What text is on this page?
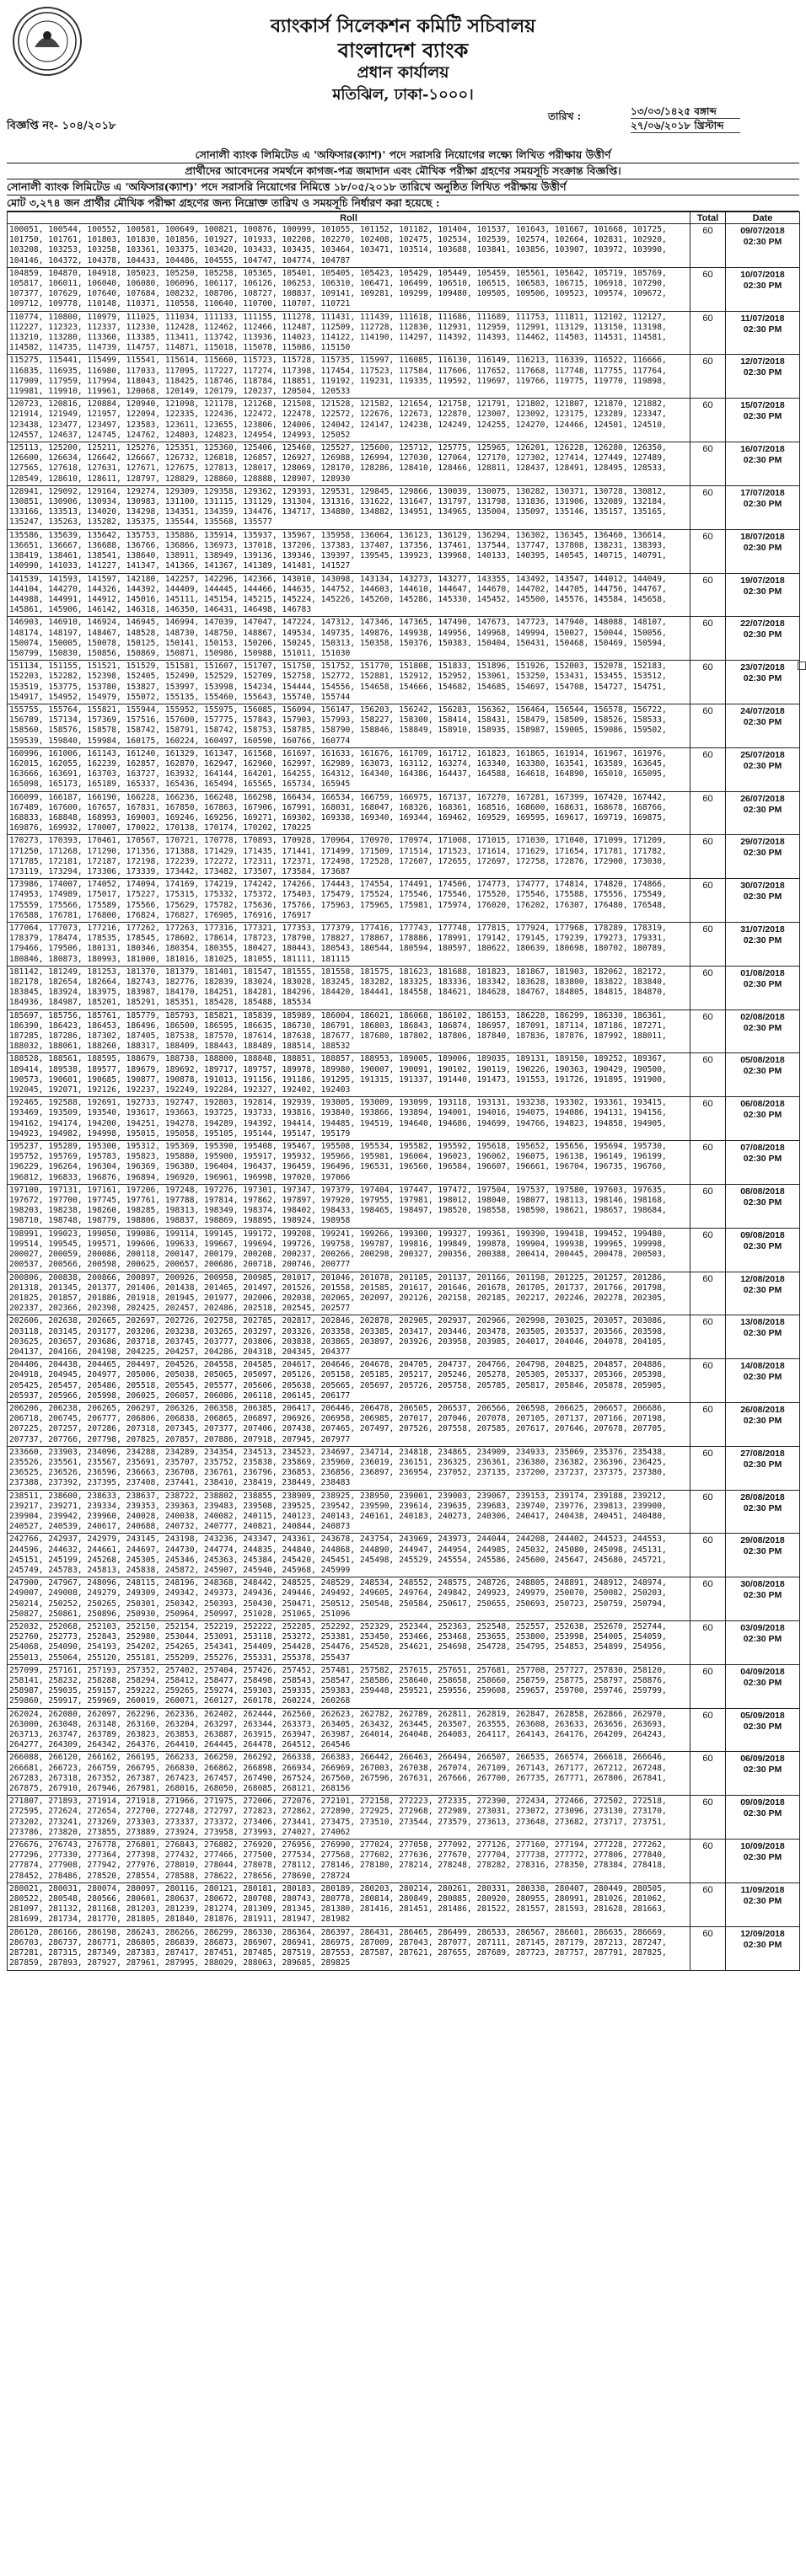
ব্যাংকার্স সিলেকশন কমিটি সচিবালয়
বাংলাদেশ ব্যাংক
প্রধান কার্যালয়
মতিঝিল, ঢাকা-১০০০।
বিজ্ঞপ্তি নং- ১০৪/২০১৮
তারিখ :	১৩/০৩/১৪২৫ বঙ্গাব্দ
২৭/০৬/২০১৮ খ্রিস্টাব্দ
সোনালী ব্যাংক লিমিটেড এ 'অফিসার(ক্যাশ)' পদে সরাসরি নিয়োগের লক্ষ্যে লিখিত পরীক্ষায় উত্তীর্ণ
প্রার্থীদের আবেদনের সমর্থনে কাগজ-পত্র জমাদান এবং মৌখিক পরীক্ষা গ্রহণের সময়সূচি সংক্রান্ত বিজ্ঞপ্তি।
সোনালী ব্যাংক লিমিটেড এ 'অফিসার(ক্যাশ)' পদে সরাসরি নিয়োগের নিমিত্তে ১৮/০৫/২০১৮ তারিখে অনুষ্ঠিত লিখিত পরীক্ষায় উত্তীর্ণ
মোট ৩,২৭৪ জন প্রার্থীর মৌখিক পরীক্ষা গ্রহণের জন্য নিম্নোক্ত তারিখ ও সময়সূচি নির্ধারণ করা হয়েছে :
Roll	Total	Date
100051, 100544, 100552, 100581, 100649, 100821, 100876, 100999, 101055, 101152, 101182, 101404, 101537, 101643, 101667, 101668, 101725, 101750, 101761, 101803, 101830, 101856, 101927, 101933, 102208, 102270, 102408, 102475, 102534, 102539, 102574, 102664, 102831, 102920, 103208, 103253, 103258, 103361, 103375, 103420, 103433, 103435, 103464, 103471, 103514, 103688, 103841, 103856, 103907, 103972, 103990, 104146, 104372, 104378, 104433, 104486, 104555, 104747, 104774, 104787	60	09/07/2018
02:30 PM

104859, 104870, 104918, 105023, 105250, 105258, 105365, 105401, 105405, 105423, 105429, 105449, 105459, 105561, 105642, 105719, 105769, 105817, 106011, 106040, 106080, 106096, 106117, 106126, 106253, 106310, 106471, 106499, 106510, 106515, 106583, 106715, 106918, 107290, 107377, 107629, 107640, 107684, 108232, 108706, 108727, 108837, 109141, 109281, 109299, 109480, 109505, 109506, 109523, 109574, 109672, 109712, 109778, 110148, 110371, 110558, 110640, 110700, 110707, 110721	60	10/07/2018
02:30 PM

110774, 110800, 110979, 111025, 111034, 111133, 111155, 111278, 111431, 111439, 111618, 111686, 111689, 111753, 111811, 112102, 112127, 112227, 112323, 112337, 112330, 112428, 112462, 112466, 112487, 112509, 112728, 112830, 112931, 112959, 112991, 113129, 113150, 113198, 113210, 113280, 113360, 113385, 113411, 113742, 113936, 114023, 114122, 114190, 114297, 114392, 114393, 114462, 114503, 114531, 114581, 114582, 114735, 114739, 114757, 114871, 115018, 115078, 115086, 115150	60	11/07/2018
02:30 PM

115275, 115441, 115499, 115541, 115614, 115660, 115723, 115728, 115735, 115997, 116085, 116130, 116149, 116213, 116339, 116522, 116666, 116835, 116935, 116980, 117033, 117095, 117227, 117274, 117398, 117454, 117523, 117584, 117606, 117652, 117668, 117748, 117755, 117764, 117909, 117959, 117994, 118043, 118425, 118746, 118784, 118851, 119192, 119231, 119335, 119592, 119697, 119766, 119775, 119770, 119898, 119981, 119910, 119961, 120068, 120149, 120179, 120237, 120504, 120533	60	12/07/2018
02:30 PM

120723, 120816, 120884, 120940, 121098, 121178, 121268, 121508, 121528, 121582, 121654, 121758, 121791, 121802, 121807, 121870, 121882, 121914, 121949, 121957, 122094, 122335, 122436, 122472, 122478, 122572, 122676, 122673, 122870, 123007, 123092, 123175, 123289, 123347, 123438, 123477, 123497, 123583, 123611, 123655, 123806, 124006, 124042, 124147, 124238, 124249, 124255, 124270, 124466, 124501, 124510, 124557, 124637, 124745, 124762, 124803, 124823, 124954, 124993, 125052	60	15/07/2018
02:30 PM

125113, 125200, 125211, 125276, 125351, 125360, 125406, 125460, 125527, 125600, 125712, 125775, 125965, 126201, 126228, 126280, 126350, 126600, 126634, 126642, 126667, 126732, 126818, 126857, 126927, 126988, 126994, 127030, 127064, 127170, 127302, 127414, 127449, 127489, 127565, 127618, 127631, 127671, 127675, 127813, 128017, 128069, 128170, 128286, 128410, 128466, 128811, 128437, 128491, 128495, 128533, 128549, 128610, 128611, 128797, 128829, 128860, 128888, 128907, 128930	60	16/07/2018
02:30 PM

128941, 129092, 129164, 129274, 129309, 129358, 129362, 129393, 129531, 129845, 129866, 130039, 130075, 130282, 130371, 130728, 130812, 130851, 130906, 130934, 130983, 131100, 131115, 131129, 131304, 131316, 131622, 131647, 131797, 131798, 131836, 131906, 132089, 132184, 133166, 133513, 134020, 134298, 134351, 134359, 134476, 134717, 134880, 134882, 134951, 134965, 135004, 135097, 135146, 135157, 135165, 135247, 135263, 135282, 135375, 135544, 135568, 135577	60	17/07/2018
02:30 PM

135586, 135639, 135642, 135753, 135886, 135914, 135937, 135967, 135958, 136064, 136123, 136129, 136294, 136302, 136345, 136460, 136614, 136651, 136667, 136688, 136766, 136866, 136973, 137018, 137206, 137383, 137407, 137356, 137461, 137544, 137747, 137808, 138231, 138393, 138419, 138461, 138541, 138640, 138911, 138949, 139136, 139346, 139397, 139545, 139923, 139968, 140133, 140395, 140545, 140715, 140791, 140990, 141033, 141227, 141347, 141366, 141367, 141389, 141481, 141527	60	18/07/2018
02:30 PM

141539, 141593, 141597, 142180, 142257, 142296, 142366, 143010, 143098, 143134, 143273, 143277, 143355, 143492, 143547, 144012, 144049, 144104, 144270, 144326, 144392, 144409, 144445, 144466, 144635, 144752, 144603, 144610, 144647, 144670, 144702, 144705, 144756, 144767, 144988, 144991, 144912, 145016, 145111, 145154, 145215, 145224, 145226, 145260, 145286, 145330, 145452, 145500, 145576, 145584, 145658, 145861, 145906, 146142, 146318, 146350, 146431, 146498, 146783	60	19/07/2018
02:30 PM

146903, 146910, 146924, 146945, 146994, 147039, 147047, 147224, 147312, 147346, 147365, 147490, 147673, 147723, 147940, 148088, 148107, 148174, 148197, 148467, 148528, 148730, 148750, 148867, 149534, 149735, 149876, 149938, 149956, 149968, 149994, 150027, 150044, 150056, 150074, 150005, 150078, 150125, 150141, 150153, 150206, 150245, 150313, 150358, 150376, 150383, 150404, 150431, 150468, 150469, 150594, 150799, 150830, 150856, 150869, 150871, 150986, 150988, 151011, 151030	60	22/07/2018
02:30 PM

151134, 151155, 151521, 151529, 151581, 151607, 151707, 151750, 151752, 151770, 151808, 151833, 151896, 151926, 152003, 152078, 152183, 152203, 152282, 152398, 152405, 152490, 152529, 152709, 152758, 152772, 152881, 152912, 152952, 153061, 153250, 153431, 153455, 153512, 153519, 153775, 153780, 153827, 153997, 153998, 154234, 154444, 154556, 154658, 154666, 154682, 154685, 154697, 154708, 154727, 154751, 154917, 154952, 154979, 155072, 155135, 155460, 155643, 155740, 155744	60	23/07/2018
02:30 PM

155755, 155764, 155821, 155944, 155952, 155975, 156085, 156094, 156147, 156203, 156242, 156283, 156362, 156464, 156544, 156578, 156722, 156789, 157134, 157369, 157516, 157600, 157775, 157843, 157903, 157993, 158227, 158300, 158414, 158431, 158479, 158509, 158526, 158533, 158560, 158576, 158578, 158742, 158791, 158742, 158753, 158785, 158790, 158846, 158849, 158910, 158935, 158987, 159005, 159086, 159502, 159539, 159840, 159984, 160175, 160224, 160497, 160590, 160766, 160774	60	24/07/2018
02:30 PM

160996, 161006, 161143, 161240, 161329, 161347, 161568, 161697, 161633, 161676, 161709, 161712, 161823, 161865, 161914, 161967, 161976, 162015, 162055, 162239, 162857, 162870, 162947, 162960, 162997, 162989, 163073, 163112, 163274, 163340, 163380, 163541, 163589, 163645, 163666, 163691, 163703, 163727, 163932, 164144, 164201, 164255, 164312, 164340, 164386, 164437, 164588, 164618, 164890, 165010, 165095, 165098, 165173, 165189, 165337, 165436, 165494, 165565, 165734, 165945	60	25/07/2018
02:30 PM

166099, 166187, 166190, 166228, 166236, 166248, 166298, 166434, 166534, 166759, 166975, 167137, 167270, 167281, 167399, 167420, 167442, 167489, 167600, 167657, 167831, 167850, 167863, 167906, 167991, 168031, 168047, 168326, 168361, 168516, 168600, 168631, 168678, 168766, 168833, 168848, 168993, 169003, 169246, 169256, 169271, 169302, 169338, 169340, 169344, 169462, 169529, 169595, 169617, 169719, 169875, 169876, 169932, 170007, 170022, 170138, 170174, 170202, 170225	60	26/07/2018
02:30 PM

170273, 170393, 170461, 170567, 170721, 170778, 170893, 170928, 170964, 170970, 170974, 171008, 171015, 171030, 171040, 171099, 171209, 171250, 171268, 171290, 171356, 171388, 171429, 171435, 171441, 171499, 171509, 171514, 171523, 171614, 171629, 171654, 171781, 171782, 171785, 172181, 172187, 172198, 172239, 172272, 172311, 172371, 172498, 172528, 172607, 172655, 172697, 172758, 172876, 172900, 173030, 173119, 173294, 173306, 173339, 173442, 173482, 173507, 173584, 173687	60	29/07/2018
02:30 PM

173986, 174007, 174052, 174094, 174169, 174219, 174242, 174266, 174443, 174554, 174491, 174506, 174773, 174777, 174814, 174820, 174866, 174953, 174989, 175017, 175227, 175315, 175332, 175372, 175403, 175479, 175524, 175546, 175546, 175520, 175546, 175588, 175556, 175549, 175559, 175566, 175589, 175566, 175629, 175782, 175636, 175766, 175963, 175965, 175981, 175974, 176020, 176202, 176307, 176480, 176548, 176588, 176781, 176800, 176824, 176827, 176905, 176916, 176917	60	30/07/2018
02:30 PM

177064, 177073, 177216, 177262, 177263, 177316, 177321, 177353, 177379, 177416, 177743, 177748, 177815, 177924, 177968, 178289, 178319, 178379, 178474, 178535, 178545, 178602, 178614, 178723, 178790, 178827, 178867, 178886, 178991, 179142, 179145, 179239, 179273, 179331, 179466, 179506, 180131, 180346, 180354, 180355, 180427, 180443, 180543, 180544, 180594, 180597, 180622, 180639, 180698, 180702, 180789, 180846, 180873, 180993, 181000, 181016, 181025, 181055, 181111, 181115	60	31/07/2018
02:30 PM

181142, 181249, 181253, 181370, 181379, 181401, 181547, 181555, 181558, 181575, 181623, 181688, 181823, 181867, 181903, 182062, 182172, 182178, 182654, 182664, 182743, 182776, 182839, 183024, 183028, 183245, 183282, 183325, 183336, 183342, 183628, 183800, 183822, 183840, 183845, 183924, 183975, 183987, 184170, 184251, 184281, 184296, 184420, 184441, 184558, 184621, 184628, 184767, 184805, 184815, 184870, 184936, 184987, 185201, 185291, 185351, 185428, 185488, 185534	60	01/08/2018
02:30 PM

185697, 185756, 185761, 185779, 185793, 185821, 185839, 185989, 186004, 186021, 186068, 186102, 186153, 186228, 186299, 186330, 186361, 186390, 186423, 186453, 186496, 186500, 186595, 186635, 186730, 186791, 186803, 186843, 186874, 186957, 187091, 187114, 187186, 187271, 187285, 187286, 187302, 187405, 187538, 187570, 187614, 187638, 187677, 187680, 187802, 187806, 187840, 187836, 187876, 187992, 188011, 188032, 188061, 188260, 188317, 188409, 188443, 188489, 188514, 188532	60	02/08/2018
02:30 PM

188528, 188561, 188595, 188679, 188738, 188800, 188848, 188851, 188857, 188953, 189005, 189006, 189035, 189131, 189150, 189252, 189367, 189414, 189538, 189577, 189679, 189692, 189717, 189757, 189978, 189980, 190007, 190091, 190102, 190119, 190226, 190363, 190429, 190500, 190573, 190601, 190685, 190877, 190878, 191013, 191156, 191186, 191295, 191315, 191337, 191440, 191473, 191553, 191726, 191895, 191900, 192045, 192071, 192126, 192237, 192249, 192284, 192327, 192402, 192403	60	05/08/2018
02:30 PM

192465, 192588, 192691, 192733, 192747, 192803, 192814, 192939, 193005, 193009, 193099, 193118, 193131, 193238, 193302, 193361, 193415, 193469, 193509, 193540, 193617, 193663, 193725, 193733, 193816, 193840, 193866, 193894, 194001, 194016, 194075, 194086, 194131, 194156, 194162, 194174, 194200, 194251, 194278, 194289, 194392, 194414, 194485, 194519, 194640, 194686, 194699, 194766, 194823, 194858, 194905, 194923, 194982, 194998, 195015, 195058, 195105, 195144, 195147, 195179	60	06/08/2018
02:30 PM

195237, 195289, 195300, 195312, 195369, 195390, 195408, 195467, 195508, 195534, 195582, 195592, 195618, 195652, 195656, 195694, 195730, 195752, 195769, 195783, 195823, 195880, 195900, 195917, 195932, 195966, 195981, 196004, 196023, 196062, 196075, 196138, 196149, 196199, 196229, 196264, 196304, 196369, 196380, 196404, 196437, 196459, 196496, 196531, 196560, 196584, 196607, 196661, 196704, 196735, 196760, 196812, 196833, 196876, 196894, 196920, 196961, 196998, 197020, 197066	60	07/08/2018
02:30 PM

197100, 197131, 197161, 197206, 197248, 197276, 197301, 197347, 197379, 197404, 197447, 197472, 197504, 197537, 197580, 197603, 197635, 197672, 197700, 197745, 197761, 197788, 197814, 197862, 197897, 197920, 197955, 197981, 198012, 198040, 198077, 198113, 198146, 198168, 198203, 198238, 198260, 198285, 198313, 198349, 198374, 198402, 198433, 198465, 198497, 198520, 198558, 198590, 198621, 198657, 198684, 198710, 198748, 198779, 198806, 198837, 198869, 198895, 198924, 198958	60	08/08/2018
02:30 PM

198991, 199023, 199050, 199086, 199114, 199145, 199172, 199208, 199241, 199266, 199300, 199327, 199361, 199390, 199418, 199452, 199480, 199514, 199545, 199571, 199606, 199633, 199667, 199694, 199726, 199758, 199787, 199816, 199849, 199878, 199904, 199938, 199965, 199998, 200027, 200059, 200086, 200118, 200147, 200179, 200208, 200237, 200266, 200298, 200327, 200356, 200388, 200414, 200445, 200478, 200503, 200537, 200566, 200598, 200625, 200657, 200686, 200718, 200746, 200777	60	09/08/2018
02:30 PM

200806, 200838, 200866, 200897, 200926, 200958, 200985, 201017, 201046, 201078, 201105, 201137, 201166, 201198, 201225, 201257, 201286, 201318, 201345, 201377, 201406, 201438, 201465, 201497, 201526, 201558, 201585, 201617, 201646, 201678, 201705, 201737, 201766, 201798, 201825, 201857, 201886, 201918, 201945, 201977, 202006, 202038, 202065, 202097, 202126, 202158, 202185, 202217, 202246, 202278, 202305, 202337, 202366, 202398, 202425, 202457, 202486, 202518, 202545, 202577	60	12/08/2018
02:30 PM

202606, 202638, 202665, 202697, 202726, 202758, 202785, 202817, 202846, 202878, 202905, 202937, 202966, 202998, 203025, 203057, 203086, 203118, 203145, 203177, 203206, 203238, 203265, 203297, 203326, 203358, 203385, 203417, 203446, 203478, 203505, 203537, 203566, 203598, 203625, 203657, 203686, 203718, 203745, 203777, 203806, 203838, 203865, 203897, 203926, 203958, 203985, 204017, 204046, 204078, 204105, 204137, 204166, 204198, 204225, 204257, 204286, 204318, 204345, 204377	60	13/08/2018
02:30 PM

204406, 204438, 204465, 204497, 204526, 204558, 204585, 204617, 204646, 204678, 204705, 204737, 204766, 204798, 204825, 204857, 204886, 204918, 204945, 204977, 205006, 205038, 205065, 205097, 205126, 205158, 205185, 205217, 205246, 205278, 205305, 205337, 205366, 205398, 205425, 205457, 205486, 205518, 205545, 205577, 205606, 205638, 205665, 205697, 205726, 205758, 205785, 205817, 205846, 205878, 205905, 205937, 205966, 205998, 206025, 206057, 206086, 206118, 206145, 206177	60	14/08/2018
02:30 PM

206206, 206238, 206265, 206297, 206326, 206358, 206385, 206417, 206446, 206478, 206505, 206537, 206566, 206598, 206625, 206657, 206686, 206718, 206745, 206777, 206806, 206838, 206865, 206897, 206926, 206958, 206985, 207017, 207046, 207078, 207105, 207137, 207166, 207198, 207225, 207257, 207286, 207318, 207345, 207377, 207406, 207438, 207465, 207497, 207526, 207558, 207585, 207617, 207646, 207678, 207705, 207737, 207766, 207798, 207825, 207857, 207886, 207918, 207945, 207977	60	26/08/2018
02:30 PM

233660, 233903, 234096, 234288, 234289, 234354, 234513, 234523, 234697, 234714, 234818, 234865, 234909, 234933, 235069, 235376, 235438, 235526, 235561, 235567, 235691, 235707, 235752, 235838, 235869, 235960, 236019, 236151, 236325, 236361, 236380, 236382, 236396, 236425, 236525, 236526, 236596, 236663, 236708, 236761, 236796, 236853, 236856, 236897, 236954, 237052, 237135, 237200, 237237, 237375, 237380, 237388, 237392, 237395, 237408, 237441, 238410, 238419, 238449, 238483	60	27/08/2018
02:30 PM

238511, 238600, 238633, 238637, 238722, 238802, 238855, 238909, 238925, 238950, 239001, 239003, 239067, 239153, 239174, 239188, 239212, 239217, 239271, 239334, 239353, 239363, 239483, 239508, 239525, 239542, 239590, 239614, 239635, 239683, 239740, 239776, 239813, 239900, 239904, 239942, 239960, 240028, 240038, 240082, 240115, 240123, 240143, 240161, 240183, 240273, 240306, 240417, 240438, 240451, 240480, 240527, 240539, 240617, 240688, 240732, 240777, 240821, 240844, 240873	60	28/08/2018
02:30 PM

242766, 242937, 242979, 243145, 243198, 243236, 243347, 243361, 243678, 243754, 243969, 243973, 244044, 244208, 244402, 244523, 244553, 244596, 244632, 244661, 244697, 244730, 244774, 244835, 244840, 244868, 244890, 244947, 244954, 244985, 245032, 245080, 245098, 245131, 245151, 245199, 245268, 245305, 245346, 245363, 245384, 245420, 245451, 245498, 245529, 245554, 245586, 245600, 245647, 245680, 245721, 245749, 245783, 245813, 245838, 245872, 245907, 245940, 245968, 245999	60	29/08/2018
02:30 PM

247900, 247967, 248096, 248115, 248196, 248368, 248442, 248525, 248529, 248534, 248552, 248575, 248726, 248805, 248891, 248912, 248974, 249007, 249008, 249279, 249309, 249342, 249373, 249436, 249446, 249492, 249605, 249764, 249842, 249923, 249979, 250070, 250082, 250203, 250214, 250252, 250265, 250301, 250342, 250393, 250430, 250471, 250512, 250548, 250584, 250617, 250655, 250693, 250723, 250759, 250794, 250827, 250861, 250896, 250930, 250964, 250997, 251028, 251065, 251096	60	30/08/2018
02:30 PM

252032, 252068, 252103, 252150, 252154, 252219, 252222, 252285, 252292, 252329, 252344, 252363, 252548, 252557, 252638, 252670, 252744, 252760, 252773, 252843, 252980, 253044, 253091, 253118, 253272, 253381, 253450, 253466, 253468, 253655, 253800, 253998, 254005, 254059, 254068, 254090, 254193, 254202, 254265, 254341, 254409, 254428, 254476, 254528, 254621, 254698, 254728, 254795, 254853, 254899, 254956, 255013, 255064, 255120, 255181, 255209, 255276, 255331, 255378, 255437	60	03/09/2018
02:30 PM

257099, 257161, 257193, 257352, 257402, 257404, 257426, 257452, 257481, 257582, 257615, 257651, 257681, 257708, 257727, 257830, 258120, 258141, 258232, 258288, 258294, 258412, 258477, 258498, 258543, 258547, 258586, 258640, 258658, 258660, 258759, 258775, 258797, 258876, 258987, 259035, 259157, 259222, 259265, 259274, 259303, 259335, 259383, 259448, 259521, 259556, 259608, 259657, 259700, 259746, 259799, 259860, 259917, 259969, 260019, 260071, 260127, 260178, 260224, 260268	60	04/09/2018
02:30 PM

262024, 262080, 262097, 262296, 262336, 262402, 262444, 262560, 262623, 262782, 262789, 262811, 262819, 262847, 262858, 262866, 262970, 263000, 263048, 263148, 263160, 263204, 263297, 263344, 263373, 263405, 263432, 263445, 263507, 263555, 263608, 263633, 263656, 263693, 263713, 263747, 263789, 263823, 263853, 263887, 263915, 263947, 263987, 264014, 264048, 264083, 264117, 264143, 264176, 264209, 264243, 264277, 264309, 264342, 264376, 264410, 264445, 264478, 264512, 264546	60	05/09/2018
02:30 PM

266088, 266120, 266162, 266195, 266233, 266250, 266292, 266338, 266383, 266442, 266463, 266494, 266507, 266535, 266574, 266618, 266646, 266681, 266723, 266759, 266795, 266830, 266862, 266898, 266934, 266969, 267003, 267038, 267074, 267109, 267143, 267177, 267212, 267248, 267283, 267318, 267352, 267387, 267423, 267457, 267490, 267524, 267560, 267596, 267631, 267666, 267700, 267735, 267771, 267806, 267841, 267875, 267910, 267946, 267981, 268016, 268050, 268085, 268121, 268156	60	06/09/2018
02:30 PM

271807, 271893, 271914, 271918, 271966, 271975, 272006, 272076, 272101, 272158, 272223, 272335, 272390, 272434, 272466, 272502, 272518, 272595, 272624, 272654, 272700, 272748, 272797, 272823, 272862, 272890, 272925, 272968, 272989, 273031, 273072, 273096, 273130, 273170, 273202, 273241, 273269, 273303, 273337, 273372, 273406, 273441, 273475, 273510, 273544, 273579, 273613, 273648, 273682, 273717, 273751, 273786, 273820, 273855, 273889, 273924, 273958, 273993, 274027, 274062	60	09/09/2018
02:30 PM

276676, 276743, 276778, 276801, 276843, 276882, 276920, 276956, 276990, 277024, 277058, 277092, 277126, 277160, 277194, 277228, 277262, 277296, 277330, 277364, 277398, 277432, 277466, 277500, 277534, 277568, 277602, 277636, 277670, 277704, 277738, 277772, 277806, 277840, 277874, 277908, 277942, 277976, 278010, 278044, 278078, 278112, 278146, 278180, 278214, 278248, 278282, 278316, 278350, 278384, 278418, 278452, 278486, 278520, 278554, 278588, 278622, 278656, 278690, 278724	60	10/09/2018
02:30 PM

280021, 280031, 280074, 280097, 280116, 280121, 280181, 280183, 280189, 280203, 280214, 280261, 280331, 280338, 280407, 280449, 280505, 280522, 280548, 280566, 280601, 280637, 280672, 280708, 280743, 280778, 280814, 280849, 280885, 280920, 280955, 280991, 281026, 281062, 281097, 281132, 281168, 281203, 281239, 281274, 281309, 281345, 281380, 281416, 281451, 281486, 281522, 281557, 281593, 281628, 281663, 281699, 281734, 281770, 281805, 281840, 281876, 281911, 281947, 281982	60	11/09/2018
02:30 PM

286120, 286166, 286198, 286243, 286266, 286299, 286330, 286364, 286397, 286431, 286465, 286499, 286533, 286567, 286601, 286635, 286669, 286703, 286737, 286771, 286805, 286839, 286873, 286907, 286941, 286975, 287009, 287043, 287077, 287111, 287145, 287179, 287213, 287247, 287281, 287315, 287349, 287383, 287417, 287451, 287485, 287519, 287553, 287587, 287621, 287655, 287689, 287723, 287757, 287791, 287825, 287859, 287893, 287927, 287961, 287995, 288029, 288063, 289685, 289825	60	12/09/2018
02:30 PM
